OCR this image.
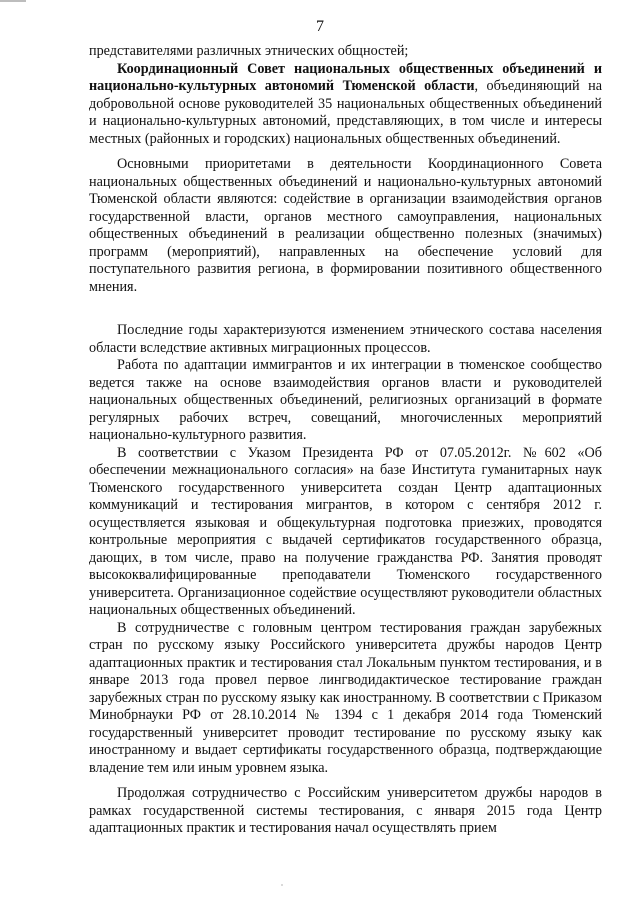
7

представителями различных этнических общностей;

Координационный Совет национальных общественных объединений и национально-культурных автономий Тюменской области, объединяющий на добровольной основе руководителей 35 национальных общественных объединений и национально-культурных автономий, представляющих, в том числе и интересы местных (районных и городских) национальных общественных объединений.

Основными приоритетами в деятельности Координационного Совета национальных общественных объединений и национально-культурных автономий Тюменской области являются: содействие в организации взаимодействия органов государственной власти, органов местного самоуправления, национальных общественных объединений в реализации общественно полезных (значимых) программ (мероприятий), направленных на обеспечение условий для поступательного развития региона, в формировании позитивного общественного мнения.

Последние годы характеризуются изменением этнического состава населения области вследствие активных миграционных процессов.

Работа по адаптации иммигрантов и их интеграции в тюменское сообщество ведется также на основе взаимодействия органов власти и руководителей национальных общественных объединений, религиозных организаций в формате регулярных рабочих встреч, совещаний, многочисленных мероприятий национально-культурного развития.

В соответствии с Указом Президента РФ от 07.05.2012г. №602 «Об обеспечении межнационального согласия» на базе Института гуманитарных наук Тюменского государственного университета создан Центр адаптационных коммуникаций и тестирования мигрантов, в котором с сентября 2012 г. осуществляется языковая и общекультурная подготовка приезжих, проводятся контрольные мероприятия с выдачей сертификатов государственного образца, дающих, в том числе, право на получение гражданства РФ. Занятия проводят высококвалифицированные преподаватели Тюменского государственного университета. Организационное содействие осуществляют руководители областных национальных общественных объединений.

В сотрудничестве с головным центром тестирования граждан зарубежных стран по русскому языку Российского университета дружбы народов Центр адаптационных практик и тестирования стал Локальным пунктом тестирования, и в январе 2013 года провел первое лингводидактическое тестирование граждан зарубежных стран по русскому языку как иностранному. В соответствии с Приказом Минобрнауки РФ от 28.10.2014 № 1394 с 1 декабря 2014 года Тюменский государственный университет проводит тестирование по русскому языку как иностранному и выдает сертификаты государственного образца, подтверждающие владение тем или иным уровнем языка.

Продолжая сотрудничество с Российским университетом дружбы народов в рамках государственной системы тестирования, с января 2015 года Центр адаптационных практик и тестирования начал осуществлять прием
